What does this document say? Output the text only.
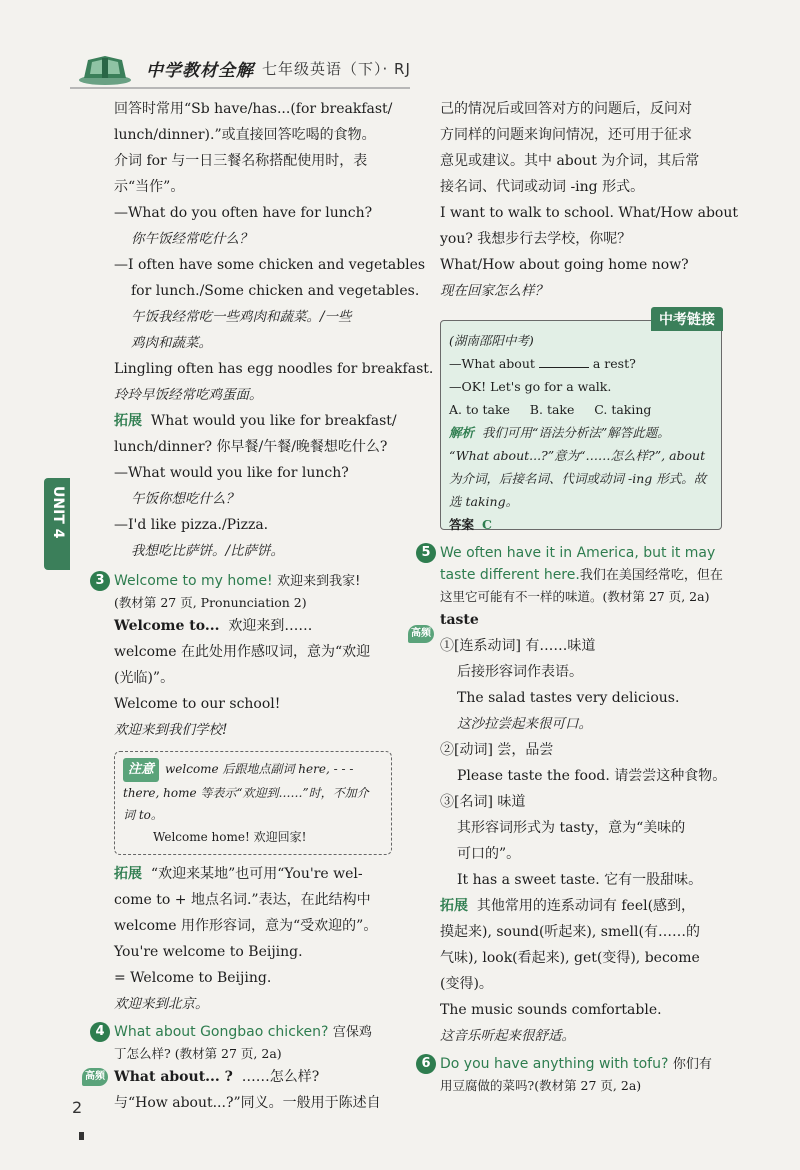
中学教材全解 七年级英语（下）· RJ
UNIT 4

回答时常用“Sb have/has...(for breakfast/

lunch/dinner).”或直接回答吃喝的食物。

介词 for 与一日三餐名称搭配使用时，表

示“当作”。

—What do you often have for lunch?

你午饭经常吃什么？

—I often have some chicken and vegetables

for lunch./Some chicken and vegetables.

午饭我经常吃一些鸡肉和蔬菜。/一些

鸡肉和蔬菜。

Lingling often has egg noodles for breakfast.

玲玲早饭经常吃鸡蛋面。

拓展 What would you like for breakfast/

lunch/dinner? 你早餐/午餐/晚餐想吃什么?

—What would you like for lunch?

午饭你想吃什么？

—I'd like pizza./Pizza.

我想吃比萨饼。/比萨饼。

3 Welcome to my home! 欢迎来到我家!

(教材第 27 页, Pronunciation 2)

Welcome to... 欢迎来到……

welcome 在此处用作感叹词，意为“欢迎

(光临)”。

Welcome to our school!

欢迎来到我们学校!

注意 welcome 后跟地点副词 here, - - -

there, home 等表示“欢迎到……”时，不加介

词 to。

Welcome home! 欢迎回家!

拓展 “欢迎来某地”也可用“You're wel-

come to + 地点名词.”表达，在此结构中

welcome 用作形容词，意为“受欢迎的”。

You're welcome to Beijing.

= Welcome to Beijing.

欢迎来到北京。

4 What about Gongbao chicken? 宫保鸡

丁怎么样? (教材第 27 页, 2a)

高频 What about... ? ……怎么样?

与“How about...?”同义。一般用于陈述自

己的情况后或回答对方的问题后，反问对

方同样的问题来询问情况，还可用于征求

意见或建议。其中 about 为介词，其后常

接名词、代词或动词 -ing 形式。

I want to walk to school. What/How about

you? 我想步行去学校，你呢？

What/How about going home now?

现在回家怎么样？

中考链接

(湖南邵阳中考)

—What about	a rest?

—OK! Let's go for a walk.

A. to take     B. take     C. taking

解析 我们可用“语法分析法”解答此题。

“What about...?”意为“……怎么样?”, about

为介词，后接名词、代词或动词 -ing 形式。故

选 taking。

答案 C

5 We often have it in America, but it may
taste different here.我们在美国经常吃，但在

这里它可能有不一样的味道。(教材第 27 页, 2a)

taste

高频
①[连系动词] 有……味道

后接形容词作表语。

The salad tastes very delicious.

这沙拉尝起来很可口。

②[动词] 尝，品尝

Please taste the food. 请尝尝这种食物。

③[名词] 味道

其形容词形式为 tasty，意为“美味的

可口的”。

It has a sweet taste. 它有一股甜味。

拓展 其他常用的连系动词有 feel(感到，

摸起来), sound(听起来), smell(有……的

气味), look(看起来), get(变得), become

(变得)。

The music sounds comfortable.

这音乐听起来很舒适。

6 Do you have anything with tofu? 你们有

用豆腐做的菜吗?(教材第 27 页, 2a)

2
